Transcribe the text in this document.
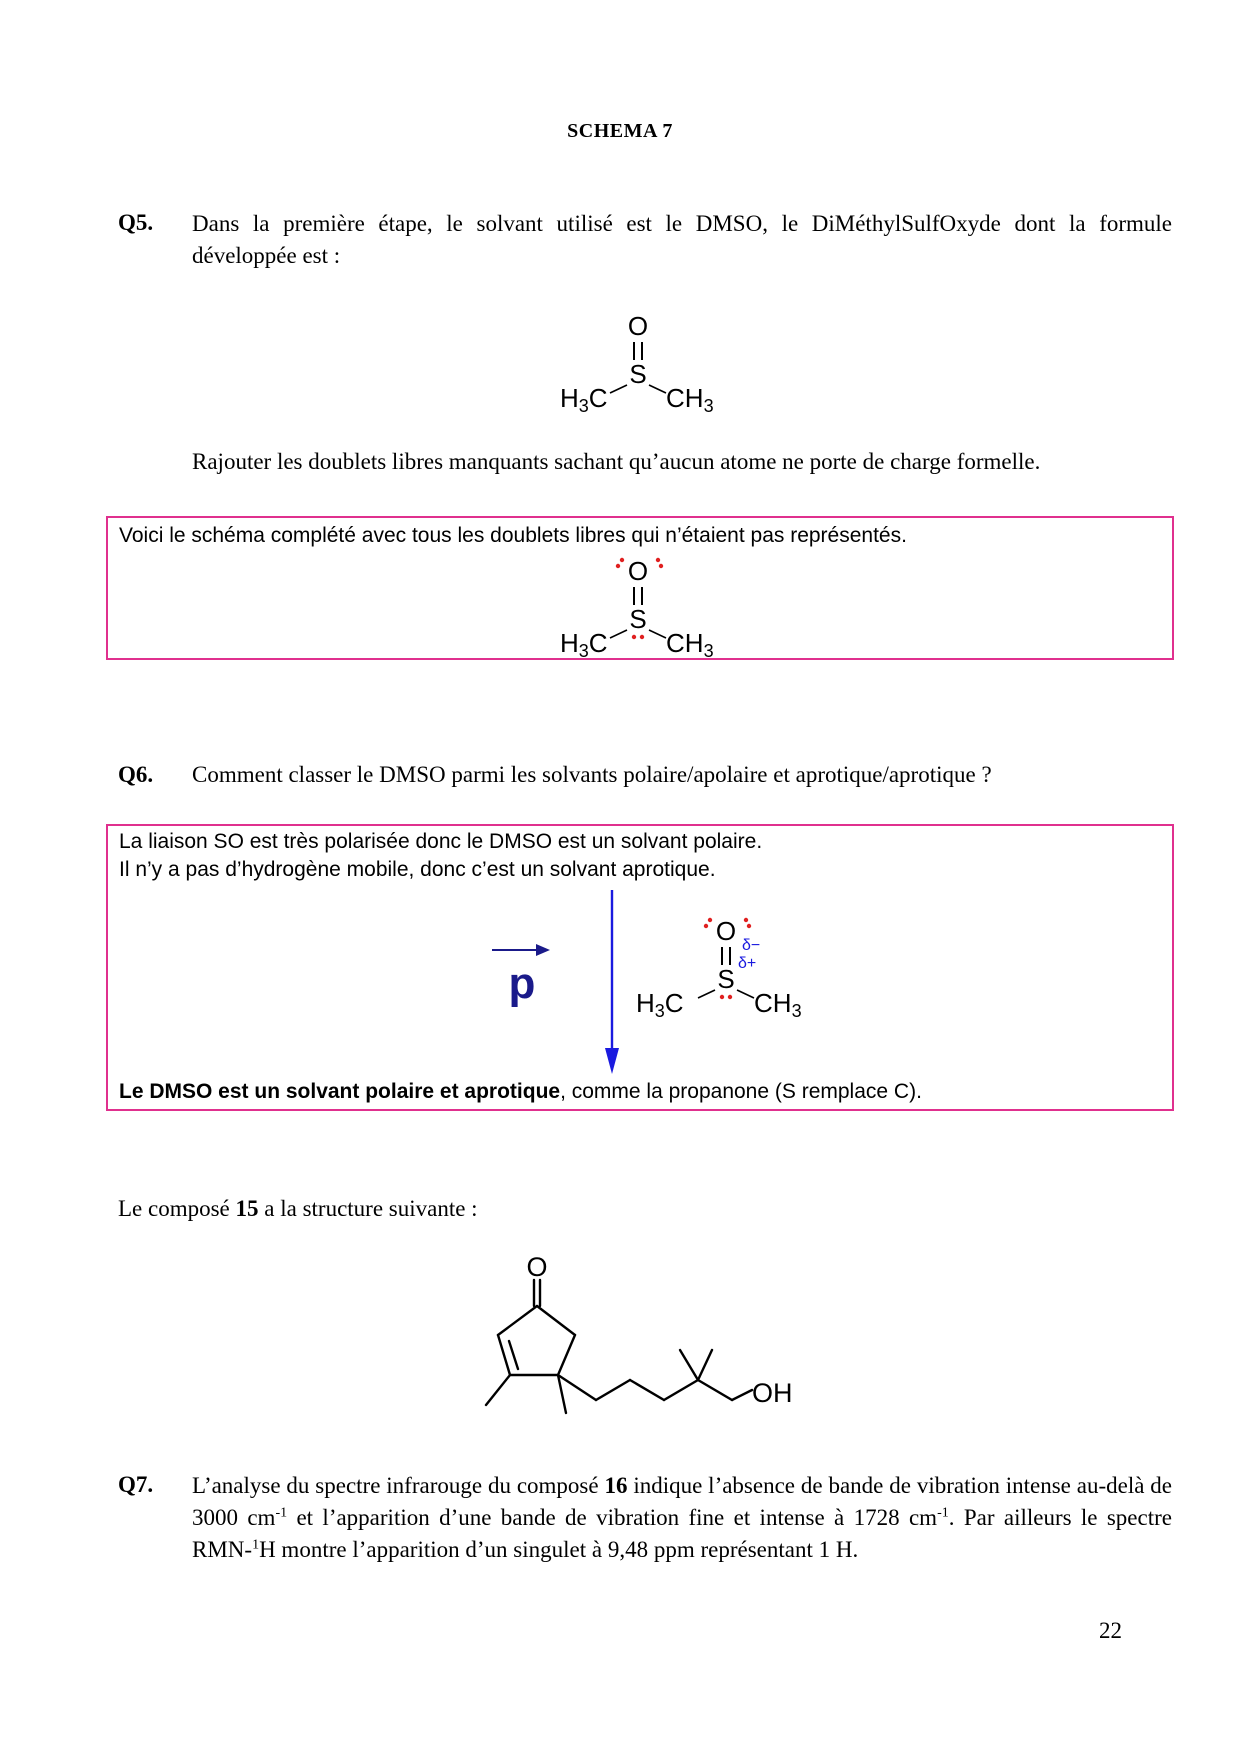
SCHEMA 7
Q5. Dans la première étape, le solvant utilisé est le DMSO, le DiMéthylSulfOxyde dont la formule développée est :
O
S
H3C CH3
Rajouter les doublets libres manquants sachant qu’aucun atome ne porte de charge formelle.
Voici le schéma complété avec tous les doublets libres qui n’étaient pas représentés.
O
S
H3C CH3
Q6. Comment classer le DMSO parmi les solvants polaire/apolaire et aprotique/aprotique ?
La liaison SO est très polarisée donc le DMSO est un solvant polaire.
Il n’y a pas d’hydrogène mobile, donc c’est un solvant aprotique.
Le DMSO est un solvant polaire et aprotique, comme la propanone (S remplace C).
p
O δ−
δ+
S
H3C	CH3
Le composé 15 a la structure suivante :
O
OH
Q7. L’analyse du spectre infrarouge du composé 16 indique l’absence de bande de vibration intense au-delà de 3000 $cm^{-1}$ et l’apparition d’une bande de vibration fine et intense à 1728 $cm^{-1}$. Par ailleurs le spectre RMN-$^1$H montre l’apparition d’un singulet à 9,48 ppm représentant 1 H.
22
